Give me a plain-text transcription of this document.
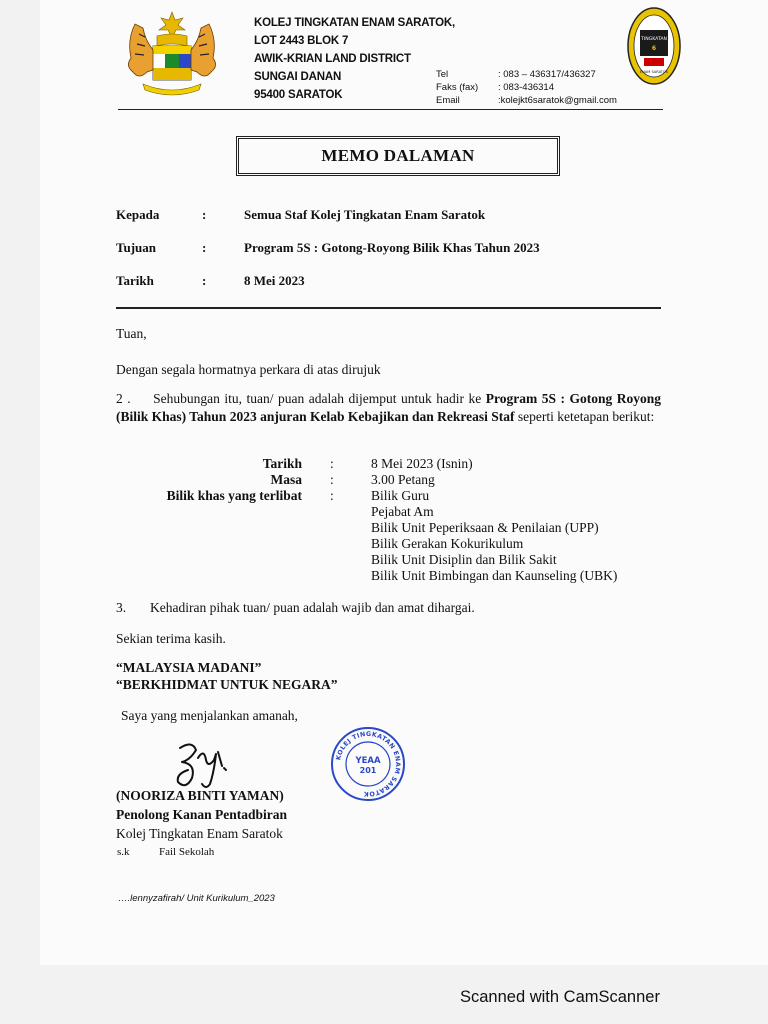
KOLEJ TINGKATAN ENAM SARATOK,
LOT 2443 BLOK 7
AWIK-KRIAN LAND DISTRICT
SUNGAI DANAN
95400 SARATOK
Tel	: 083 – 436317/436327
Faks (fax)	: 083-436314
Email	:kolejkt6saratok@gmail.com
TINGKATAN
6
ENAM SARATOK
MEMO DALAMAN
Kepada	:	Semua Staf Kolej Tingkatan Enam Saratok
Tujuan	:	Program 5S : Gotong-Royong Bilik Khas Tahun 2023
Tarikh	:	8 Mei 2023
Tuan,
Dengan segala hormatnya perkara di atas dirujuk
2 . Sehubungan itu, tuan/ puan adalah dijemput untuk hadir ke Program 5S : Gotong Royong (Bilik Khas) Tahun 2023 anjuran Kelab Kebajikan dan Rekreasi Staf seperti ketetapan berikut:
Tarikh :	8 Mei 2023 (Isnin)
Masa :	3.00 Petang
Bilik khas yang terlibat :	Bilik Guru
Pejabat Am
Bilik Unit Peperiksaan & Penilaian (UPP)
Bilik Gerakan Kokurikulum
Bilik Unit Disiplin dan Bilik Sakit
Bilik Unit Bimbingan dan Kaunseling (UBK)
3. Kehadiran pihak tuan/ puan adalah wajib dan amat dihargai.
Sekian terima kasih.
“MALAYSIA MADANI”
“BERKHIDMAT UNTUK NEGARA”
Saya yang menjalankan amanah,
KOLEJ TINGKATAN ENAM SARATOK
YEAA
201
(NOORIZA BINTI YAMAN)
Penolong Kanan Pentadbiran
Kolej Tingkatan Enam Saratok
s.k	Fail Sekolah
….lennyzafirah/ Unit Kurikulum_2023
Scanned with CamScanner
